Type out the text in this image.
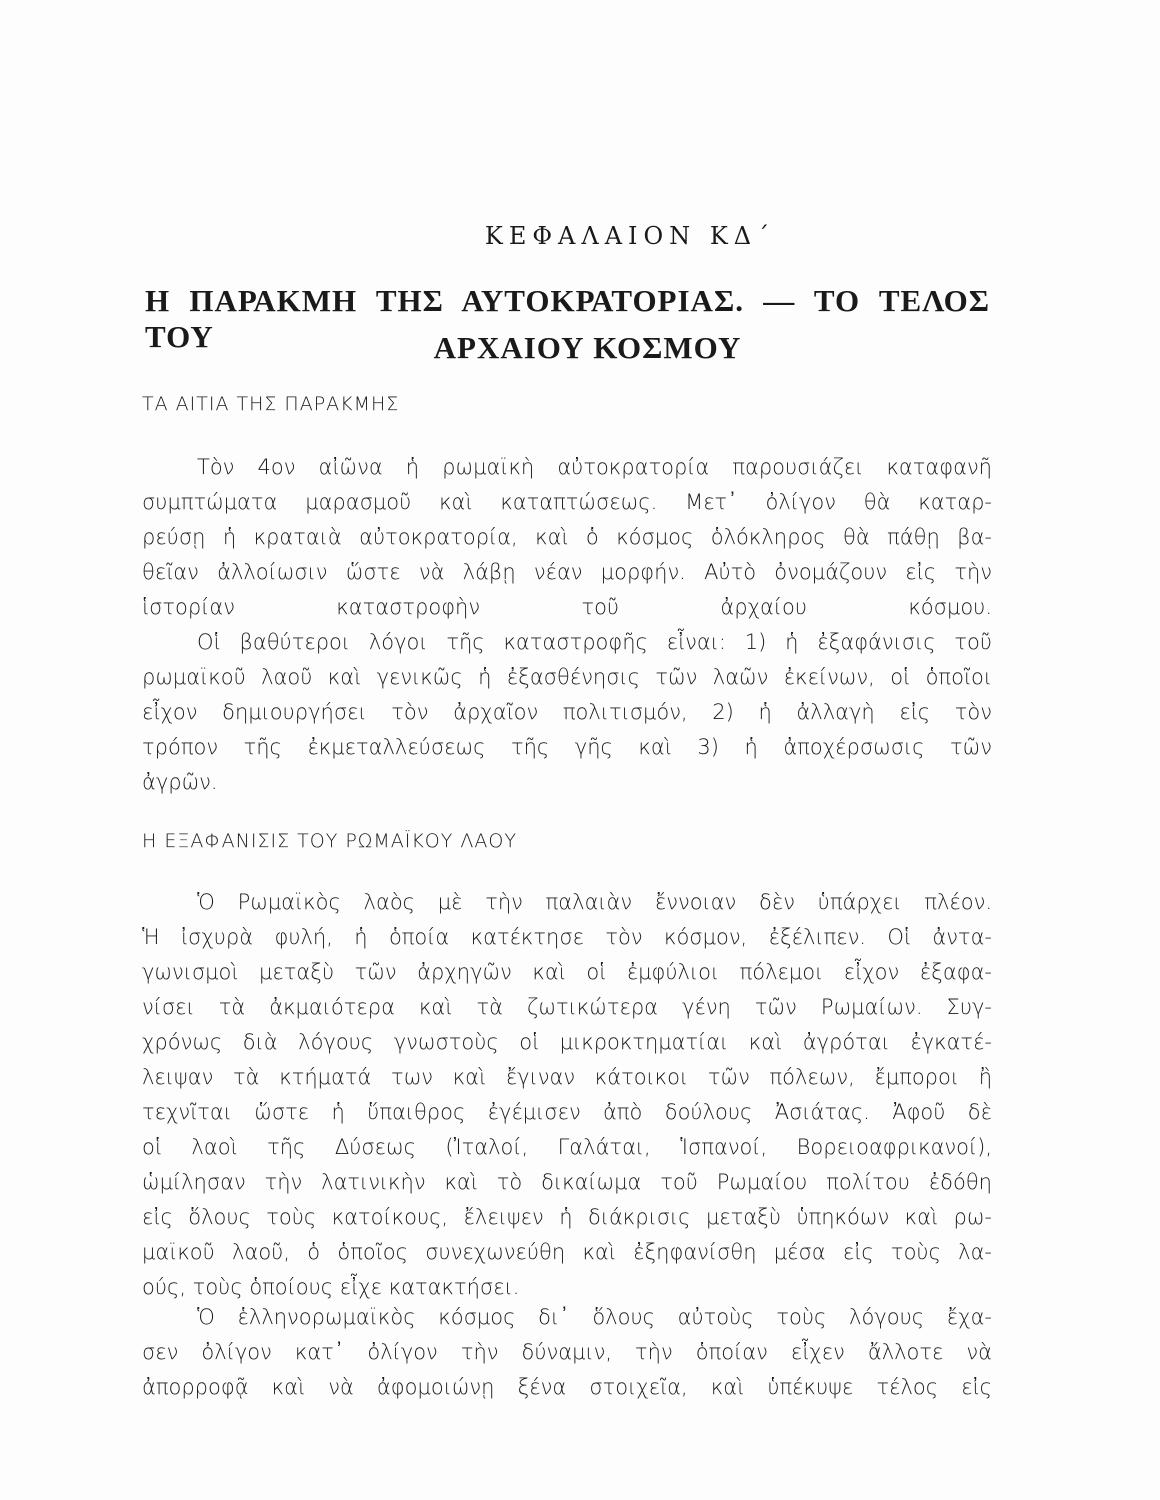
ΚΕΦΑΛΑΙΟΝ ΚΔ΄
Η ΠΑΡΑΚΜΗ ΤΗΣ ΑΥΤΟΚΡΑΤΟΡΙΑΣ. — ΤΟ ΤΕΛΟΣ ΤΟΥ	ΑΡΧΑΙΟΥ ΚΟΣΜΟΥ
ΤΑ ΑΙΤΙΑ ΤΗΣ ΠΑΡΑΚΜΗΣ
Τὸν 4ον αἰῶνα ἡ ρωμαϊκὴ αὐτοκρατορία παρουσιάζει καταφανῆ
συμπτώματα μαρασμοῦ καὶ καταπτώσεως. Μετ᾽ ὀλίγον θὰ καταρ-
ρεύσῃ ἡ κραταιὰ αὐτοκρατορία, καὶ ὁ κόσμος ὁλόκληρος θὰ πάθῃ βα-
θεῖαν ἀλλοίωσιν ὥστε νὰ λάβῃ νέαν μορφήν. Αὐτὸ ὀνομάζουν εἰς τὴν
ἱστορίαν καταστροφὴν τοῦ ἀρχαίου κόσμου.
Οἱ βαθύτεροι λόγοι τῆς καταστροφῆς εἶναι: 1) ἡ ἐξαφάνισις τοῦ
ρωμαϊκοῦ λαοῦ καὶ γενικῶς ἡ ἐξασθένησις τῶν λαῶν ἐκείνων, οἱ ὁποῖοι
εἶχον δημιουργήσει τὸν ἀρχαῖον πολιτισμόν, 2) ἡ ἀλλαγὴ εἰς τὸν
τρόπον τῆς ἐκμεταλλεύσεως τῆς γῆς καὶ 3) ἡ ἀποχέρσωσις τῶν
ἀγρῶν.
Η ΕΞΑΦΑΝΙΣΙΣ ΤΟΥ ΡΩΜΑΪΚΟΥ ΛΑΟΥ
Ὁ Ρωμαϊκὸς λαὸς μὲ τὴν παλαιὰν ἔννοιαν δὲν ὑπάρχει πλέον.
Ἡ ἰσχυρὰ φυλή, ἡ ὁποία κατέκτησε τὸν κόσμον, ἐξέλιπεν. Οἱ ἀντα-
γωνισμοὶ μεταξὺ τῶν ἀρχηγῶν καὶ οἱ ἐμφύλιοι πόλεμοι εἶχον ἐξαφα-
νίσει τὰ ἀκμαιότερα καὶ τὰ ζωτικώτερα γένη τῶν Ρωμαίων. Συγ-
χρόνως διὰ λόγους γνωστοὺς οἱ μικροκτηματίαι καὶ ἀγρόται ἐγκατέ-
λειψαν τὰ κτήματά των καὶ ἔγιναν κάτοικοι τῶν πόλεων, ἔμποροι ἢ
τεχνῖται ὥστε ἡ ὕπαιθρος ἐγέμισεν ἀπὸ δούλους Ἀσιάτας. Ἀφοῦ δὲ
οἱ λαοὶ τῆς Δύσεως (Ἰταλοί, Γαλάται, Ἱσπανοί, Βορειοαφρικανοί),
ὡμίλησαν τὴν λατινικὴν καὶ τὸ δικαίωμα τοῦ Ρωμαίου πολίτου ἐδόθη
εἰς ὅλους τοὺς κατοίκους, ἔλειψεν ἡ διάκρισις μεταξὺ ὑπηκόων καὶ ρω-
μαϊκοῦ λαοῦ, ὁ ὁποῖος συνεχωνεύθη καὶ ἐξηφανίσθη μέσα εἰς τοὺς λα-
ούς, τοὺς ὁποίους εἶχε κατακτήσει.
Ὁ ἑλληνορωμαϊκὸς κόσμος δι᾽ ὅλους αὐτοὺς τοὺς λόγους ἔχα-
σεν ὀλίγον κατ᾽ ὀλίγον τὴν δύναμιν, τὴν ὁποίαν εἶχεν ἄλλοτε νὰ
ἀπορροφᾷ καὶ νὰ ἀφομοιώνῃ ξένα στοιχεῖα, καὶ ὑπέκυψε τέλος εἰς
